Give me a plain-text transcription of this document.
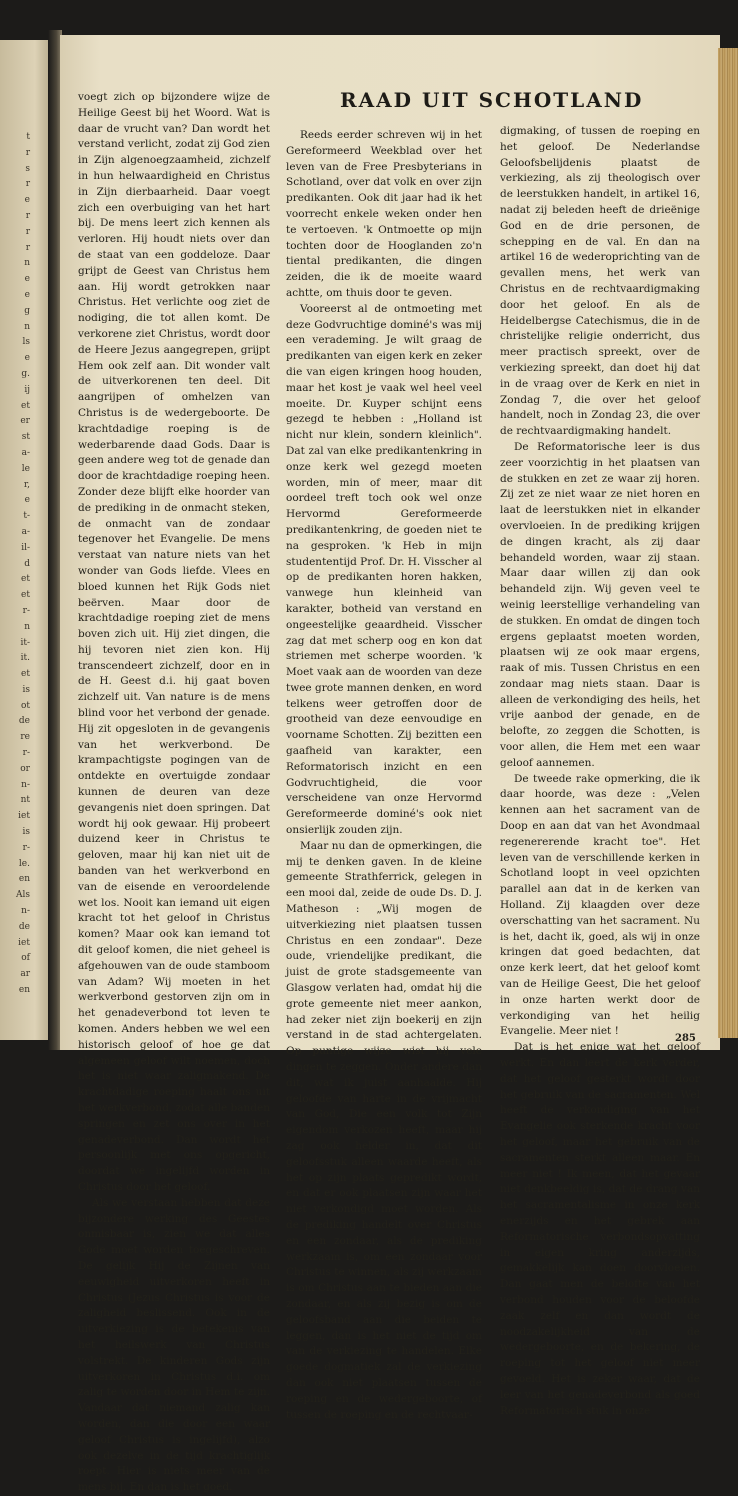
t
r
s
r
e
r
r
r
n
e
e
g
n
ls
e
g.
ij
et
er
st
a-
le
r,
e
t-
a-
il-
d
et
et
r-
n
it-
it.
et
is
ot
de
re
r-
or
n-
nt
iet
is
r-
le.
en
Als
n-
de
iet
of
ar
en

voegt zich op bijzondere wijze de Heilige Geest bij het Woord. Wat is daar de vrucht van? Dan wordt het verstand verlicht, zodat zij God zien in Zijn algenoegzaamheid, zichzelf in hun helwaardigheid en Christus in Zijn dierbaarheid. Daar voegt zich een overbuiging van het hart bij. De mens leert zich kennen als verloren. Hij houdt niets over dan de staat van een goddeloze. Daar grijpt de Geest van Christus hem aan. Hij wordt getrokken naar Christus. Het verlichte oog ziet de nodiging, die tot allen komt. De verkorene ziet Christus, wordt door de Heere Jezus aangegrepen, grijpt Hem ook zelf aan. Dit wonder valt de uitverkorenen ten deel. Dit aangrijpen of omhelzen van Christus is de wedergeboorte. De krachtdadige roeping is de wederbarende daad Gods. Daar is geen andere weg tot de genade dan door de krachtdadige roeping heen. Zonder deze blijft elke hoorder van de prediking in de onmacht steken, de onmacht van de zondaar tegenover het Evangelie. De mens verstaat van nature niets van het wonder van Gods liefde. Vlees en bloed kunnen het Rijk Gods niet beërven. Maar door de krachtdadige roeping ziet de mens boven zich uit. Hij ziet dingen, die hij tevoren niet zien kon. Hij transcendeert zichzelf, door en in de H. Geest d.i. hij gaat boven zichzelf uit. Van nature is de mens blind voor het verbond der genade. Hij zit opgesloten in de gevangenis van het werkverbond. De krampachtigste pogingen van de ontdekte en overtuigde zondaar kunnen de deuren van deze gevangenis niet doen springen. Dat wordt hij ook gewaar. Hij probeert duizend keer in Christus te geloven, maar hij kan niet uit de banden van het werkverbond en van de eisende en veroordelende wet los. Nooit kan iemand uit eigen kracht tot het geloof in Christus komen? Maar ook kan iemand tot dit geloof komen, die niet geheel is afgehouwen van de oude stamboom van Adam? Wij moeten in het werkverbond gestorven zijn om in het genadeverbond tot leven te komen. Anders hebben we wel een historisch geloof of hoe ge dat algemeen geloof wilt noemen, doch het is niet waar zaligmakend. De krachtdadige roeping haalt ons uit het werkverbond, zodat alle banden springen en zet ons over in het genadeverbond. Dan wordt het persoonlijk met ons opgericht, doordat we ingelijfd worden in Christus door het geloof.

Als we verstaan hebben dat deze bijzondere werking des Geestes onmisbaar is, zien we dat alles Gode moet worden toegeschreven. De gelijk Hij de Zijnen van eeuwigheid uitverkoren heeft in Christus (Jezus Christus is voor de zaligheid beslissend. Ook in de uitverkiezing is de betekenis van het heilswerk van Christus volstrekt. De kinderen Gods zijn uitverkoren in Christus d.i. om zalig te worden door in Hem te zijn. Vandaar dat niemand zalig kan worden, dan die door een waar geloof Christus is ingelijfd), alzo ook dezelve in de tijd krachtiglijk roept. Hier is niets meer van de mens bij. En dan is het goed.

RAAD UIT SCHOTLAND

Reeds eerder schreven wij in het Gereformeerd Weekblad over het leven van de Free Presbyterians in Schotland, over dat volk en over zijn predikanten. Ook dit jaar had ik het voorrecht enkele weken onder hen te vertoeven. 'k Ontmoette op mijn tochten door de Hooglanden zo'n tiental predikanten, die dingen zeiden, die ik de moeite waard achtte, om thuis door te geven.

Vooreerst al de ontmoeting met deze Godvruchtige dominé's was mij een verademing. Je wilt graag de predikanten van eigen kerk en zeker die van eigen kringen hoog houden, maar het kost je vaak wel heel veel moeite. Dr. Kuyper schijnt eens gezegd te hebben : „Holland ist nicht nur klein, sondern kleinlich". Dat zal van elke predikantenkring in onze kerk wel gezegd moeten worden, min of meer, maar dit oordeel treft toch ook wel onze Hervormd Gereformeerde predikantenkring, de goeden niet te na gesproken. 'k Heb in mijn studententijd Prof. Dr. H. Visscher al op de predikanten horen hakken, vanwege hun kleinheid van karakter, botheid van verstand en ongeestelijke geaardheid. Visscher zag dat met scherp oog en kon dat striemen met scherpe woorden. 'k Moet vaak aan de woorden van deze twee grote mannen denken, en word telkens weer getroffen door de grootheid van deze eenvoudige en voorname Schotten. Zij bezitten een gaafheid van karakter, een Reformatorisch inzicht en een Godvruchtigheid, die voor verscheidene van onze Hervormd Gereformeerde dominé's ook niet onsierlijk zouden zijn.

Maar nu dan de opmerkingen, die mij te denken gaven. In de kleine gemeente Strathferrick, gelegen in een mooi dal, zeide de oude Ds. D. J. Matheson : „Wij mogen de uitverkiezing niet plaatsen tussen Christus en een zondaar". Deze oude, vriendelijke predikant, die juist de grote stadsgemeente van Glasgow verlaten had, omdat hij die grote gemeente niet meer aankon, had zeker niet zijn boekerij en zijn verstand in de stad achtergelaten. Op puntige wijze wist hij vele dingen te zeggen. Onder andere dan dit, wat ik juist aanhaalde. Hij geloofde van harte in de vrijmacht van God, Die een volk tot Zijn eigendom verkozen heeft, maar hij zag ook helder in, dat dit geloofsstuk alleen waarde heeft, als het op zijn plaats gepredikt wordt, en dat er ook plaatsen zijn waar het niet verkondigd moet worden. Als de prediking handelt over Christus en een zondaar, als de prediking werkzaam is, om een zondaar voor Christus te winnen, als zij werkzaam is om Christus aan te bieden aan die zondaar, en als zij bezig is om de geloofsband aan die beiden te leggen, dan is het niet de tijd om van de verkiezing te handelen. Elke goede dogmatiek zal de verkiezing dan ook niet plaatsen tussen de roeping en de wedergeboorte, of tussen de roeping en de rechtvaar-

digmaking, of tussen de roeping en het geloof. De Nederlandse Geloofsbelijdenis plaatst de verkiezing, als zij theologisch over de leerstukken handelt, in artikel 16, nadat zij beleden heeft de drieënige God en de drie personen, de schepping en de val. En dan na artikel 16 de wederoprichting van de gevallen mens, het werk van Christus en de rechtvaardigmaking door het geloof. En als de Heidelbergse Catechismus, die in de christelijke religie onderricht, dus meer practisch spreekt, over de verkiezing spreekt, dan doet hij dat in de vraag over de Kerk en niet in Zondag 7, die over het geloof handelt, noch in Zondag 23, die over de rechtvaardigmaking handelt.

De Reformatorische leer is dus zeer voorzichtig in het plaatsen van de stukken en zet ze waar zij horen. Zij zet ze niet waar ze niet horen en laat de leerstukken niet in elkander overvloeien. In de prediking krijgen de dingen kracht, als zij daar behandeld worden, waar zij staan. Maar daar willen zij dan ook behandeld zijn. Wij geven veel te weinig leerstellige verhandeling van de stukken. En omdat de dingen toch ergens geplaatst moeten worden, plaatsen wij ze ook maar ergens, raak of mis. Tussen Christus en een zondaar mag niets staan. Daar is alleen de verkondiging des heils, het vrije aanbod der genade, en de belofte, zo zeggen die Schotten, is voor allen, die Hem met een waar geloof aannemen.

De tweede rake opmerking, die ik daar hoorde, was deze : „Velen kennen aan het sacrament van de Doop en aan dat van het Avondmaal regenererende kracht toe". Het leven van de verschillende kerken in Schotland loopt in veel opzichten parallel aan dat in de kerken van Holland. Zij klaagden over deze overschatting van het sacrament. Nu is het, dacht ik, goed, als wij in onze kringen dat goed bedachten, dat onze kerk leert, dat het geloof komt van de Heilige Geest, Die het geloof in onze harten werkt door de verkondiging van het heilig Evangelie. Meer niet !

Dat is het enige wat het geloof werkt. En dan leert de kerk verder, dat het geloof gesterkt wordt door het gebruik van de sacramenten. Wel heeft de verkondiging van het Evangelie ook sterkende kracht voor het geloof, maar het gebruik van de sacramenten sterkt alleen maar. En meer niet ! Ik meen, dat het gevaar niet denkbeeldig is, dat de drang van het sacramentalisme in onze kerk enerzijds en het gebrek aan Reformatorische verbondsopvatting in eigen kring anderzijds, gemakkelijk kan doen doorvloeien. Dan gaat men de belofte van het verbond houden voor de beloofde zaak zelf en dan wordt de noodzakelijkheid van de wedergeboorte, en de bekering, de roeping tot het geloof niet meer gevoeld. Het is zeker waar, dat de leer van het genadeverbond als goed Reformatorisch stuk in onze

285
